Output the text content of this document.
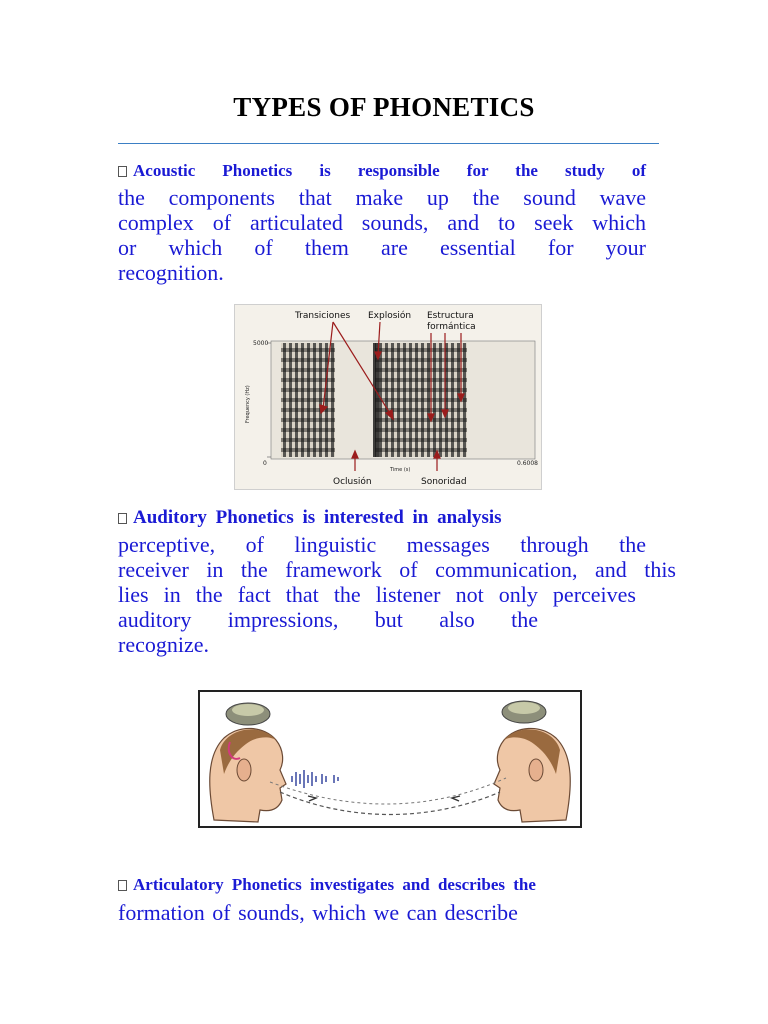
TYPES OF PHONETICS
Acoustic Phonetics is responsible for the study of
the components that make up the sound wave
complex of articulated sounds, and to seek which
or which of them are essential for your
recognition.
5000
0
Frequency (Hz)
Time (s)
0.6008
Transiciones Explosión Estructura
formántica
Oclusión	Sonoridad
Auditory Phonetics is interested in analysis
perceptive, of linguistic messages through the
receiver in the framework of communication, and this
lies in the fact that the listener not only perceives
auditory impressions, but also the
recognize.
Articulatory Phonetics investigates and describes the
formation of sounds, which we can describe
